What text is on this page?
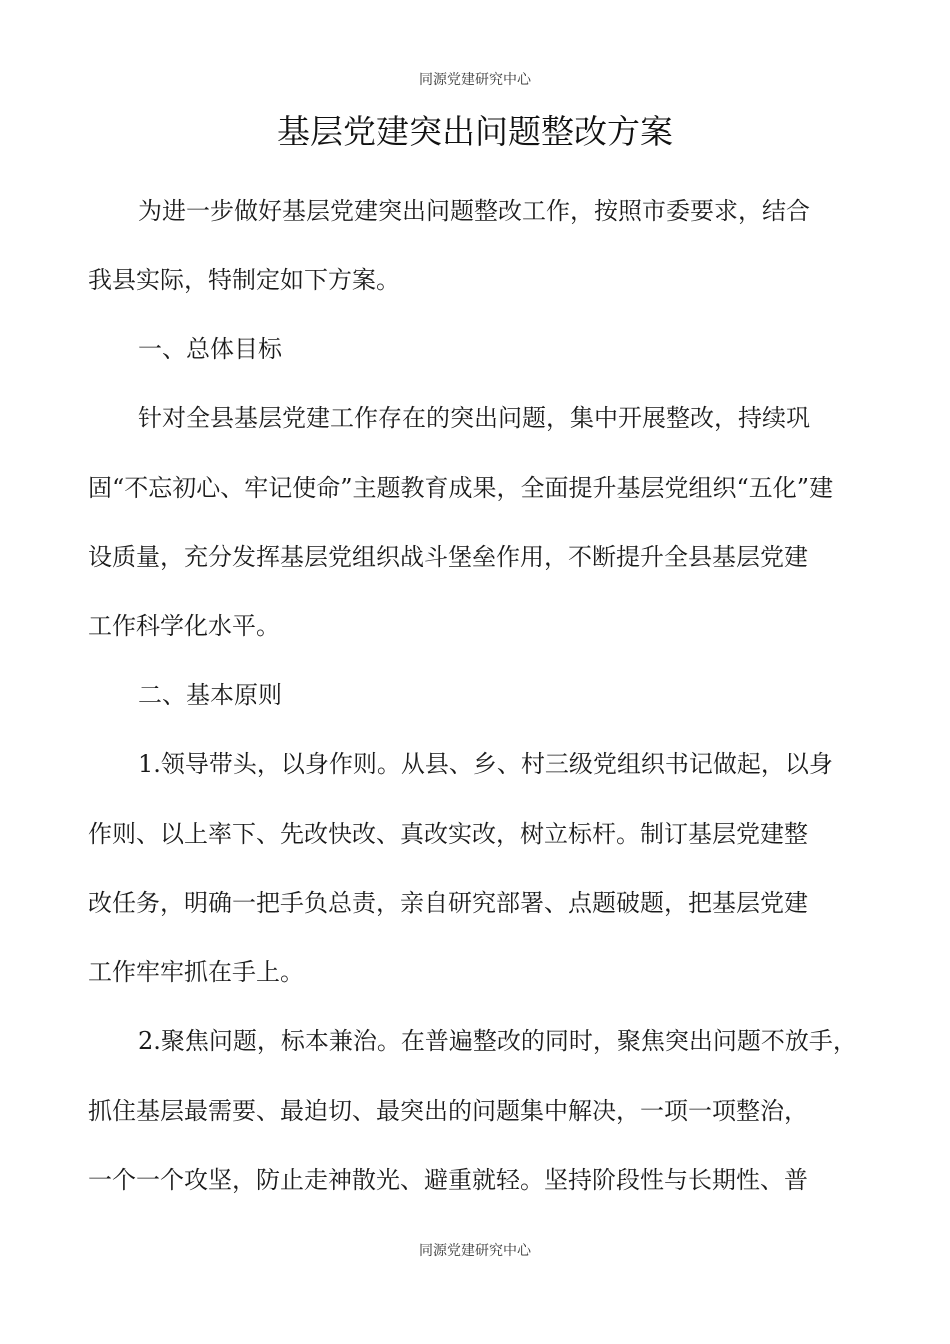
同源党建研究中心
基层党建突出问题整改方案

为进一步做好基层党建突出问题整改工作，按照市委要求，结合

我县实际，特制定如下方案。

一、总体目标

针对全县基层党建工作存在的突出问题，集中开展整改，持续巩

固“不忘初心、牢记使命”主题教育成果，全面提升基层党组织“五化”建

设质量，充分发挥基层党组织战斗堡垒作用，不断提升全县基层党建

工作科学化水平。

二、基本原则

1.领导带头，以身作则。从县、乡、村三级党组织书记做起，以身

作则、以上率下、先改快改、真改实改，树立标杆。制订基层党建整

改任务，明确一把手负总责，亲自研究部署、点题破题，把基层党建

工作牢牢抓在手上。

2.聚焦问题，标本兼治。在普遍整改的同时，聚焦突出问题不放手，

抓住基层最需要、最迫切、最突出的问题集中解决，一项一项整治，

一个一个攻坚，防止走神散光、避重就轻。坚持阶段性与长期性、普

同源党建研究中心
